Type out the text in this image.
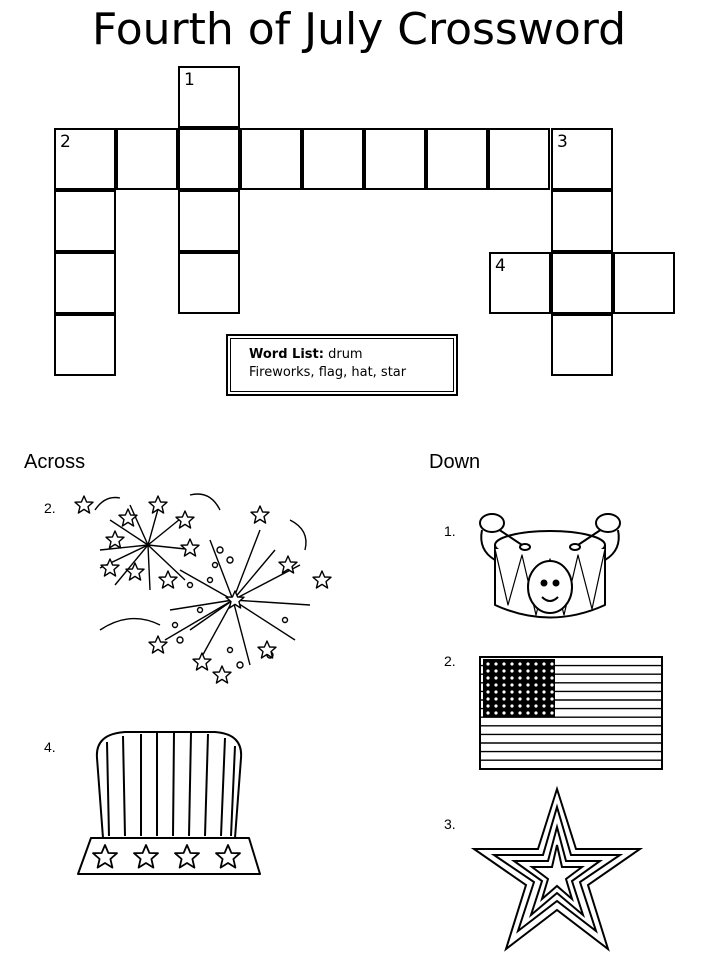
Fourth of July Crossword
1
2	3
4
Word List: drum
Fireworks, flag, hat, star
Across	Down
2.
4.
1.
2.
3.
